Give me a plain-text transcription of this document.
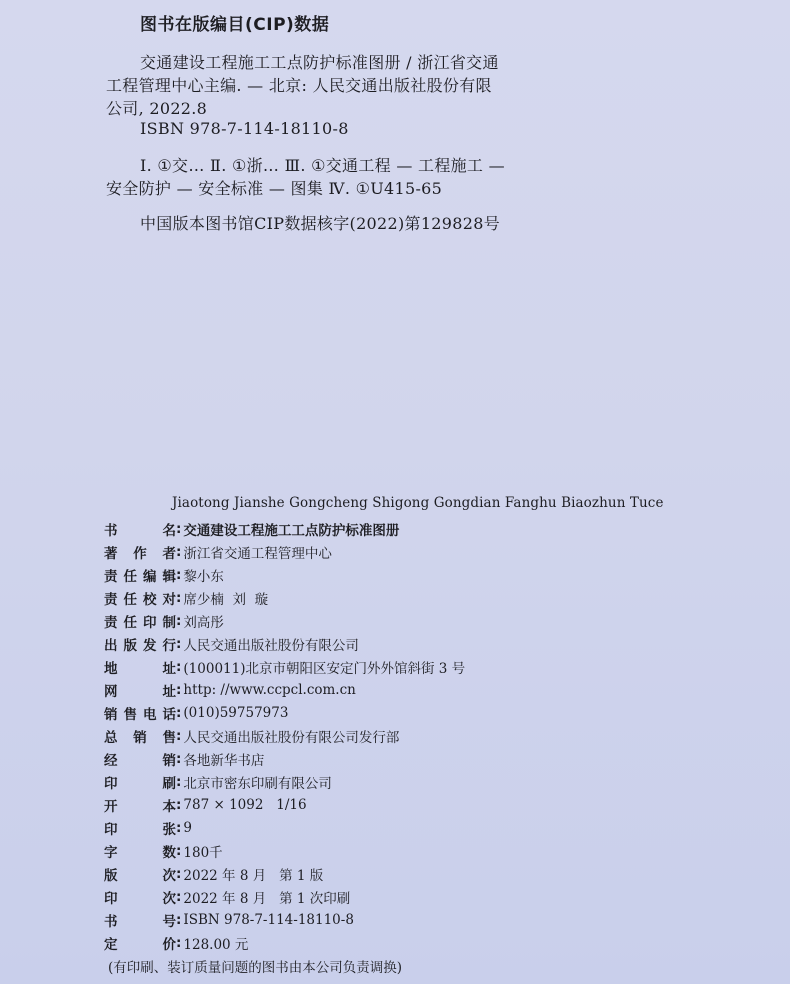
图书在版编目(CIP)数据
交通建设工程施工工点防护标准图册 / 浙江省交通
工程管理中心主编. — 北京: 人民交通出版社股份有限
公司, 2022.8
ISBN 978-7-114-18110-8
Ⅰ. ①交… Ⅱ. ①浙… Ⅲ. ①交通工程 — 工程施工 —
安全防护 — 安全标准 — 图集 Ⅳ. ①U415-65
中国版本图书馆CIP数据核字(2022)第129828号
Jiaotong Jianshe Gongcheng Shigong Gongdian Fanghu Biaozhun Tuce
书名 : 交通建设工程施工工点防护标准图册
著作者 : 浙江省交通工程管理中心
责任编辑 : 黎小东
责任校对 : 席少楠  刘  璇
责任印制 : 刘高彤
出版发行 : 人民交通出版社股份有限公司
地址 : (100011)北京市朝阳区安定门外外馆斜街 3 号
网址 : http: //www.ccpcl.com.cn
销售电话 : (010)59757973
总销售 : 人民交通出版社股份有限公司发行部
经销 : 各地新华书店
印刷 : 北京市密东印刷有限公司
开本 : 787 × 1092   1/16
印张 : 9
字数 : 180千
版次 : 2022 年 8 月   第 1 版
印次 : 2022 年 8 月   第 1 次印刷
书号 : ISBN 978-7-114-18110-8
定价 : 128.00 元
(有印刷、装订质量问题的图书由本公司负责调换)
